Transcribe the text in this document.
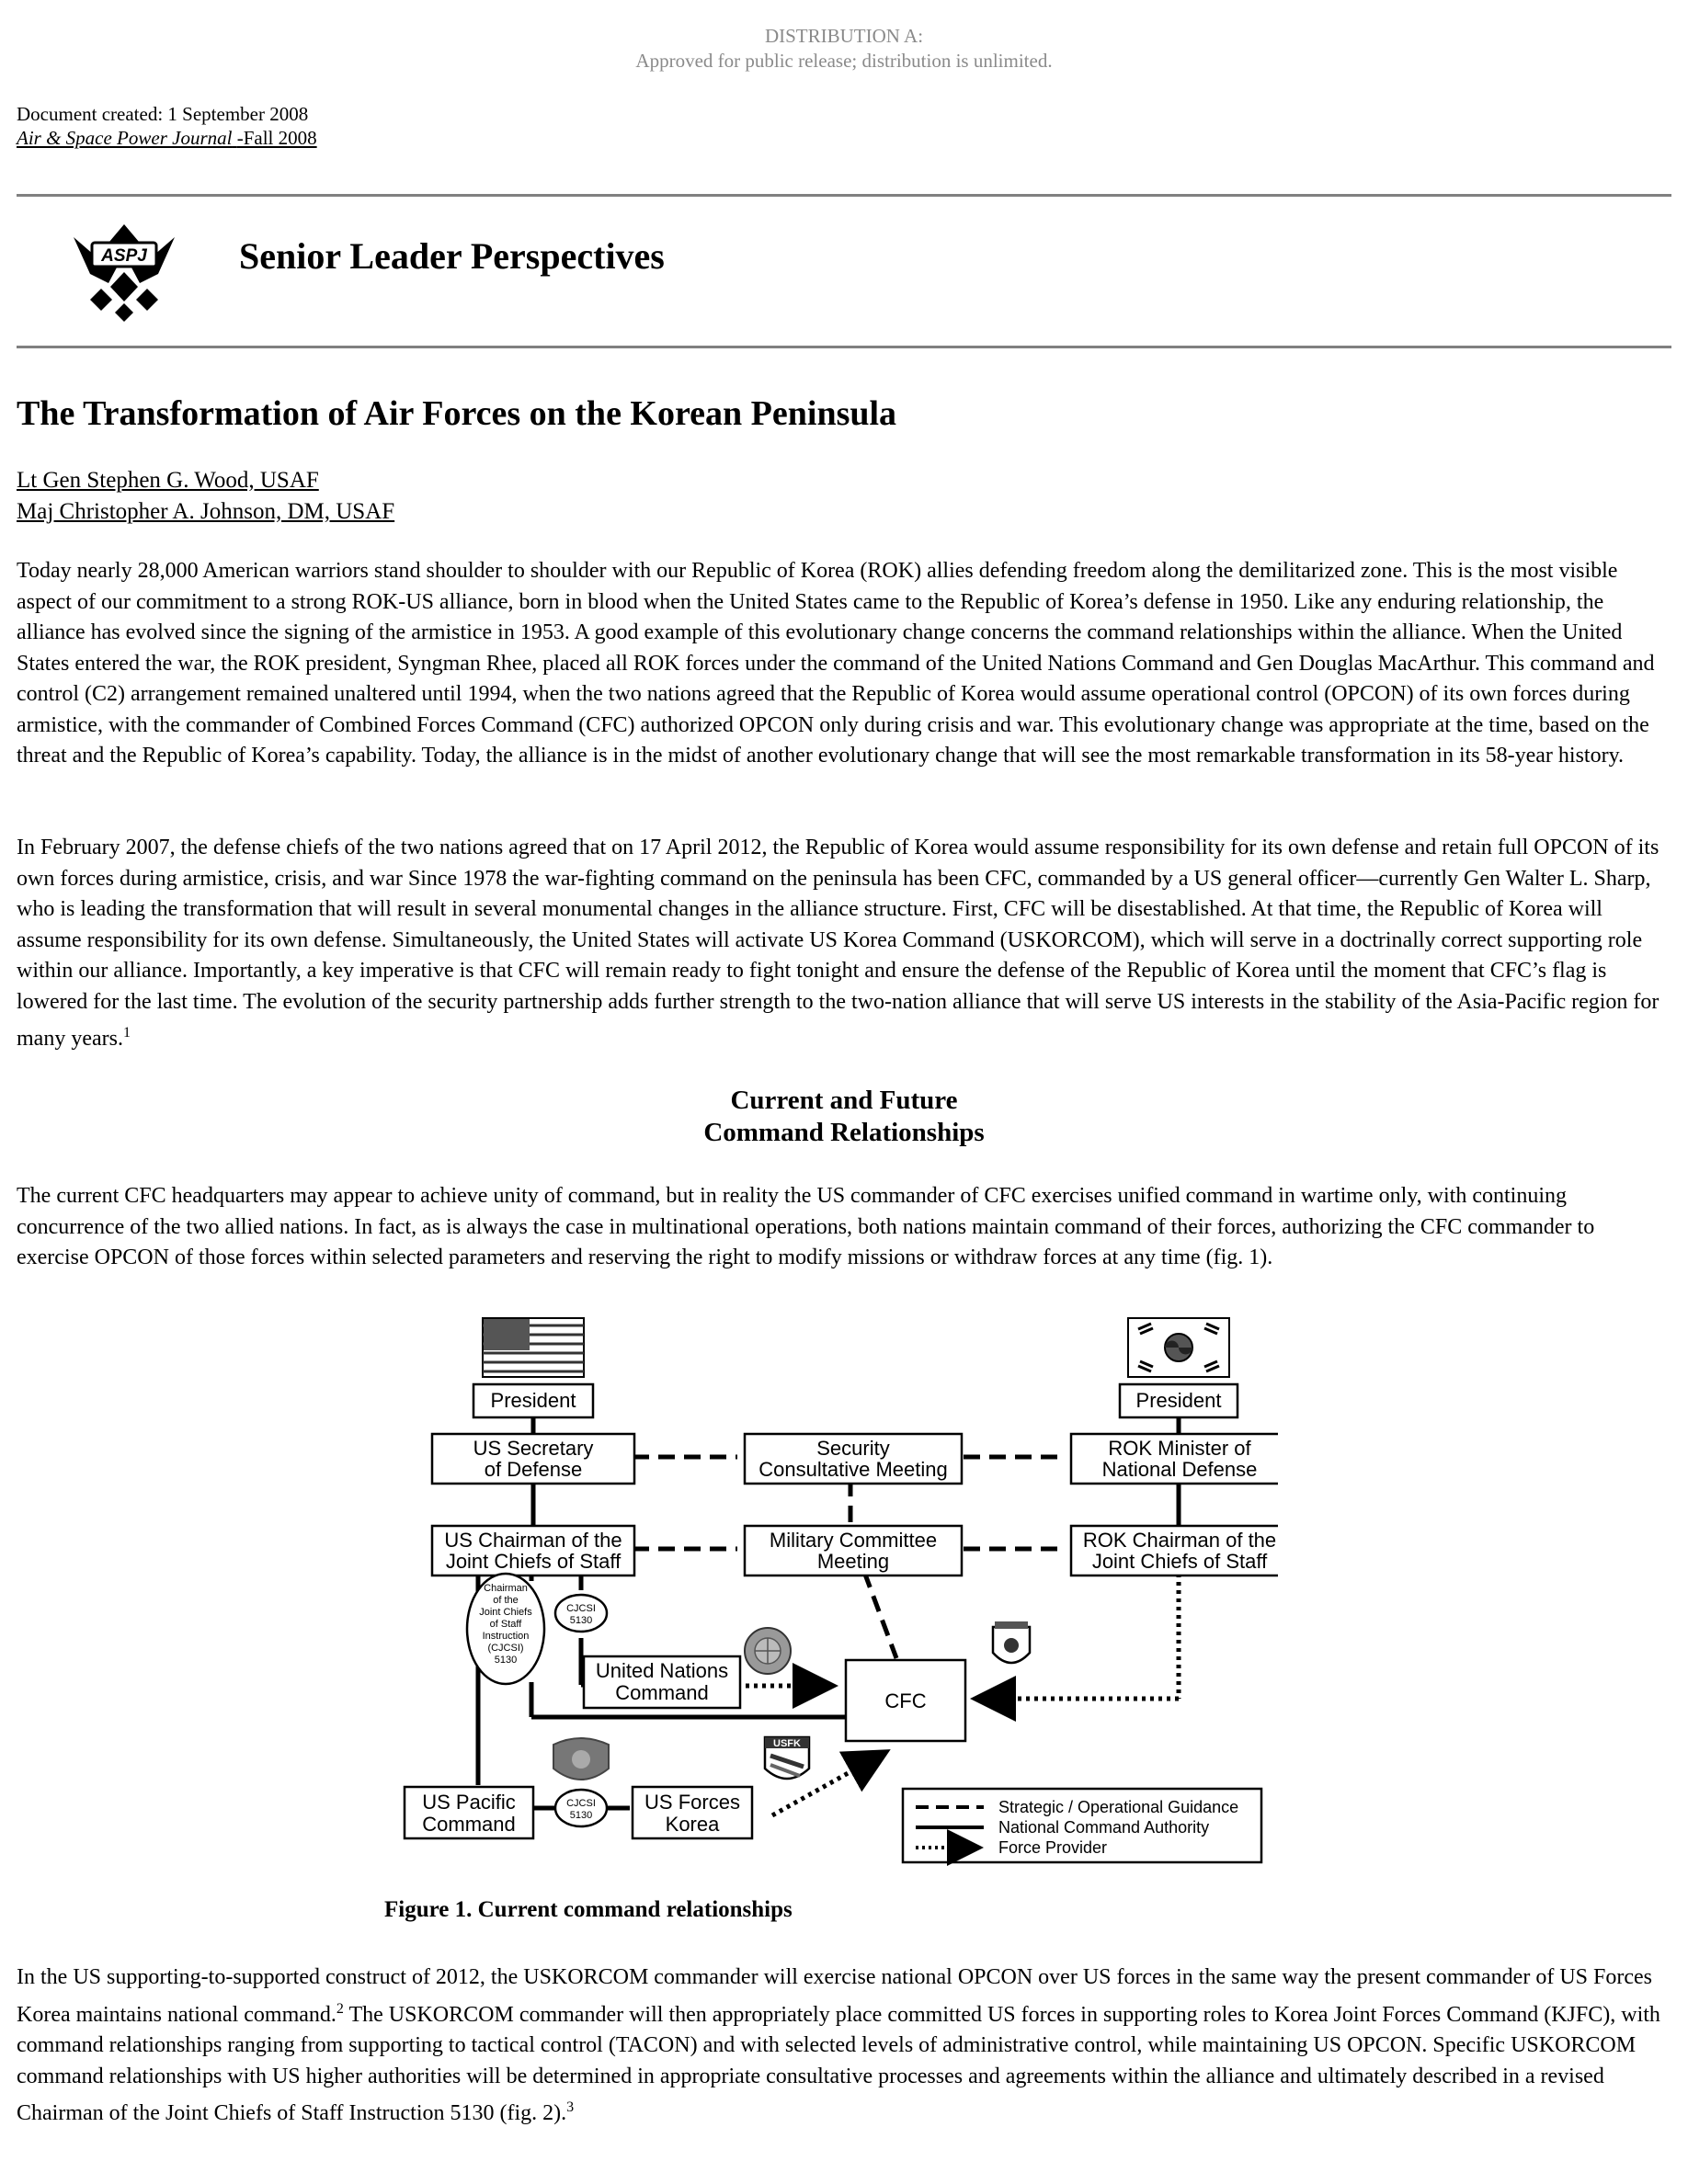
DISTRIBUTION A:
Approved for public release; distribution is unlimited.
Document created: 1 September 2008
Air & Space Power Journal -Fall 2008
ASPJ	Senior Leader Perspectives
The Transformation of Air Forces on the Korean Peninsula
Lt Gen Stephen G. Wood, USAF
Maj Christopher A. Johnson, DM, USAF
Today nearly 28,000 American warriors stand shoulder to shoulder with our Republic of Korea (ROK) allies defending freedom along the demilitarized zone. This is the most visible aspect of our commitment to a strong ROK-US alliance, born in blood when the United States came to the Republic of Korea’s defense in 1950. Like any enduring relationship, the alliance has evolved since the signing of the armistice in 1953. A good example of this evolutionary change concerns the command relationships within the alliance. When the United States entered the war, the ROK president, Syngman Rhee, placed all ROK forces under the command of the United Nations Command and Gen Douglas MacArthur. This command and control (C2) arrangement remained unaltered until 1994, when the two nations agreed that the Republic of Korea would assume operational control (OPCON) of its own forces during armistice, with the commander of Combined Forces Command (CFC) authorized OPCON only during crisis and war. This evolutionary change was appropriate at the time, based on the threat and the Republic of Korea’s capability. Today, the alliance is in the midst of another evolutionary change that will see the most remarkable transformation in its 58-year history.
In February 2007, the defense chiefs of the two nations agreed that on 17 April 2012, the Republic of Korea would assume responsibility for its own defense and retain full OPCON of its own forces during armistice, crisis, and war Since 1978 the war-fighting command on the peninsula has been CFC, commanded by a US general officer—currently Gen Walter L. Sharp, who is leading the transformation that will result in several monumental changes in the alliance structure. First, CFC will be disestablished. At that time, the Republic of Korea will assume responsibility for its own defense. Simultaneously, the United States will activate US Korea Command (USKORCOM), which will serve in a doctrinally correct supporting role within our alliance. Importantly, a key imperative is that CFC will remain ready to fight tonight and ensure the defense of the Republic of Korea until the moment that CFC’s flag is lowered for the last time. The evolution of the security partnership adds further strength to the two-nation alliance that will serve US interests in the stability of the Asia-Pacific region for many years.$^1$
Current and Future
Command Relationships
The current CFC headquarters may appear to achieve unity of command, but in reality the US commander of CFC exercises unified command in wartime only, with continuing concurrence of the two allied nations. In fact, as is always the case in multinational operations, both nations maintain command of their forces, authorizing the CFC commander to exercise OPCON of those forces within selected parameters and reserving the right to modify missions or withdraw forces at any time (fig. 1).
President	President
US Secretary
of Defense
Security
Consultative Meeting
ROK Minister of
National Defense
US Chairman of the
Joint Chiefs of Staff
Military Committee
Meeting
ROK Chairman of the
Joint Chiefs of Staff
United Nations
Command	CFC
US Pacific
Command
US Forces
Korea
Chairman
of the
Joint Chiefs
of Staff
Instruction
(CJCSI)
5130
CJCSI
5130
CJCSI
5130
USFK
Strategic / Operational Guidance
National Command Authority
Force Provider
Figure 1. Current command relationships
In the US supporting-to-supported construct of 2012, the USKORCOM commander will exercise national OPCON over US forces in the same way the present commander of US Forces Korea maintains national command.$^2$ The USKORCOM commander will then appropriately place committed US forces in supporting roles to Korea Joint Forces Command (KJFC), with command relationships ranging from supporting to tactical control (TACON) and with selected levels of administrative control, while maintaining US OPCON. Specific USKORCOM command relationships with US higher authorities will be determined in appropriate consultative processes and agreements within the alliance and ultimately described in a revised Chairman of the Joint Chiefs of Staff Instruction 5130 (fig. 2).$^3$
